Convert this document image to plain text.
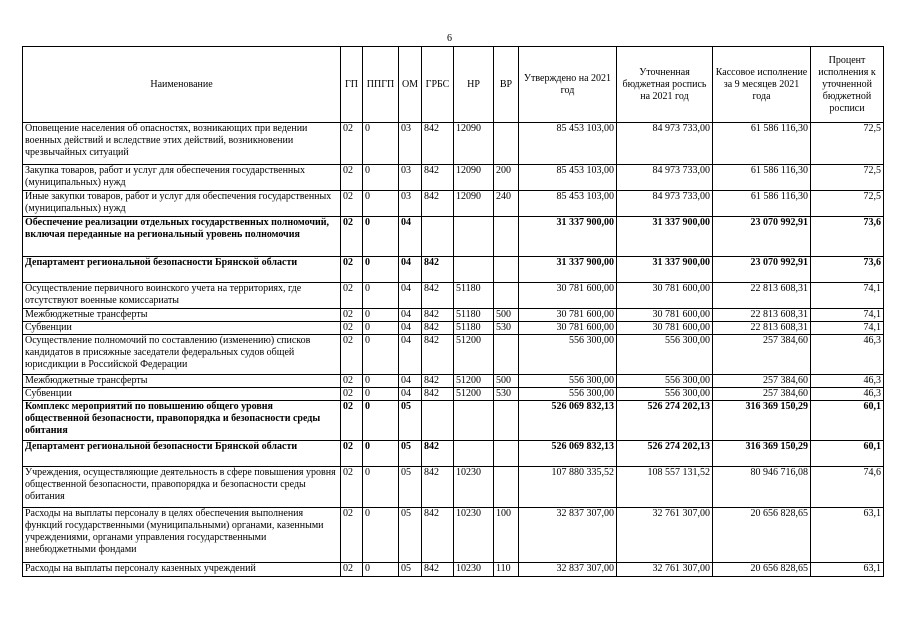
6
Наименование	ГП	ППГП	ОМ	ГРБС	НР	ВР	Утверждено на 2021 год	Уточненная бюджетная роспись на 2021 год	Кассовое исполнение за 9 месяцев 2021 года	Процент исполнения к уточненной бюджетной росписи
Оповещение населения об опасностях, возникающих при ведении военных действий и вследствие этих действий, возникновении чрезвычайных ситуаций	02	0	03	842	12090		85 453 103,00	84 973 733,00	61 586 116,30	72,5
Закупка товаров, работ и услуг для обеспечения государственных (муниципальных) нужд	02	0	03	842	12090	200	85 453 103,00	84 973 733,00	61 586 116,30	72,5
Иные закупки товаров, работ и услуг для обеспечения государственных (муниципальных) нужд	02	0	03	842	12090	240	85 453 103,00	84 973 733,00	61 586 116,30	72,5
Обеспечение реализации отдельных государственных полномочий, включая переданные на региональный уровень полномочия	02	0	04				31 337 900,00	31 337 900,00	23 070 992,91	73,6
Департамент региональной безопасности Брянской области	02	0	04	842			31 337 900,00	31 337 900,00	23 070 992,91	73,6
Осуществление первичного воинского учета на территориях, где отсутствуют военные комиссариаты	02	0	04	842	51180		30 781 600,00	30 781 600,00	22 813 608,31	74,1
Межбюджетные трансферты	02	0	04	842	51180	500	30 781 600,00	30 781 600,00	22 813 608,31	74,1
Субвенции	02	0	04	842	51180	530	30 781 600,00	30 781 600,00	22 813 608,31	74,1
Осуществление полномочий по составлению (изменению) списков кандидатов в присяжные заседатели федеральных судов общей юрисдикции в Российской Федерации	02	0	04	842	51200		556 300,00	556 300,00	257 384,60	46,3
Межбюджетные трансферты	02	0	04	842	51200	500	556 300,00	556 300,00	257 384,60	46,3
Субвенции	02	0	04	842	51200	530	556 300,00	556 300,00	257 384,60	46,3
Комплекс мероприятий по повышению общего уровня общественной безопасности, правопорядка и безопасности среды обитания	02	0	05				526 069 832,13	526 274 202,13	316 369 150,29	60,1
Департамент региональной безопасности Брянской области	02	0	05	842			526 069 832,13	526 274 202,13	316 369 150,29	60,1
Учреждения, осуществляющие деятельность в сфере повышения уровня общественной безопасности, правопорядка и безопасности среды обитания	02	0	05	842	10230		107 880 335,52	108 557 131,52	80 946 716,08	74,6
Расходы на выплаты персоналу в целях обеспечения выполнения функций государственными (муниципальными) органами, казенными учреждениями, органами управления государственными внебюджетными фондами	02	0	05	842	10230	100	32 837 307,00	32 761 307,00	20 656 828,65	63,1
Расходы на выплаты персоналу казенных учреждений	02	0	05	842	10230	110	32 837 307,00	32 761 307,00	20 656 828,65	63,1
